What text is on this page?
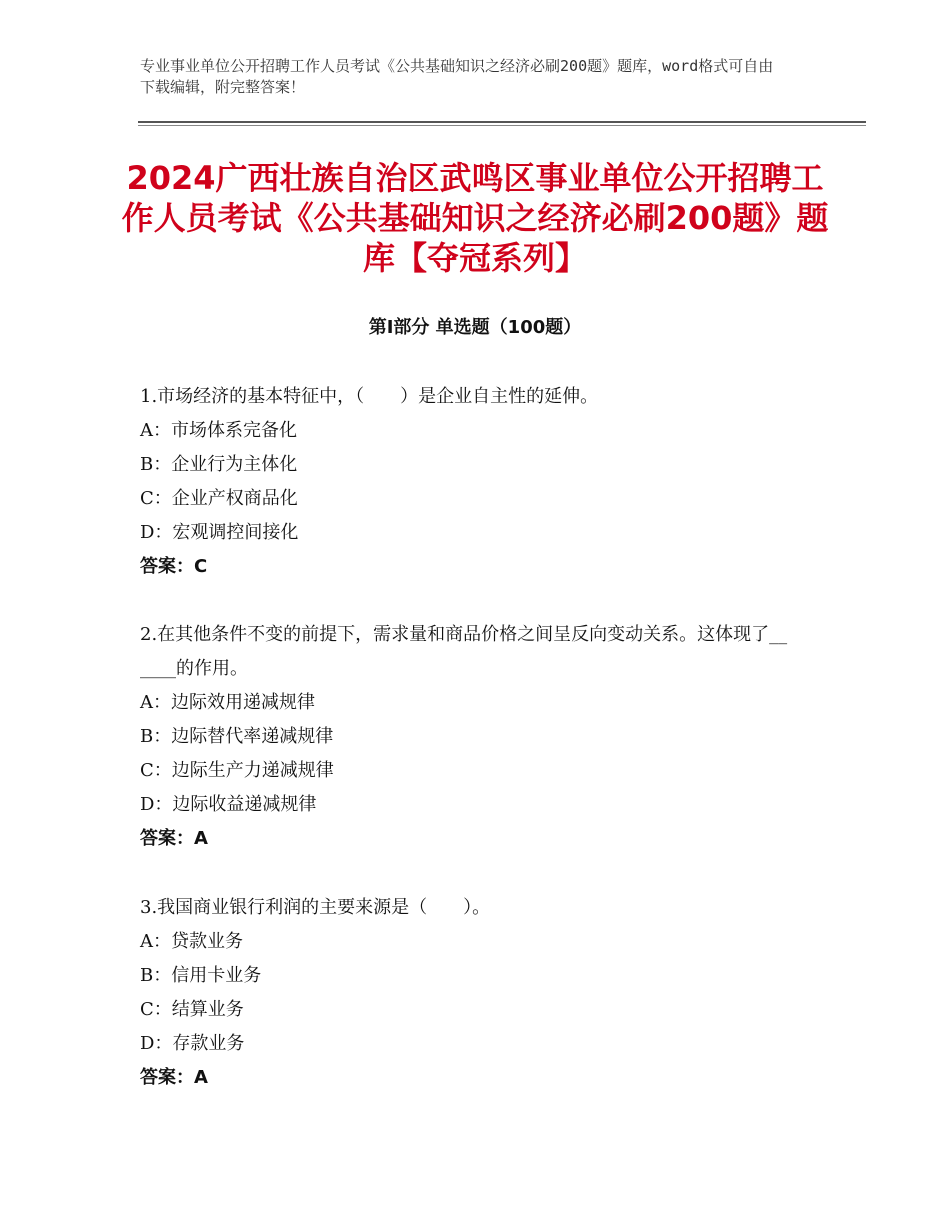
专业事业单位公开招聘工作人员考试《公共基础知识之经济必刷200题》题库，word格式可自由下载编辑，附完整答案！
2024广西壮族自治区武鸣区事业单位公开招聘工作人员考试《公共基础知识之经济必刷200题》题库【夺冠系列】
第Ⅰ部分 单选题（100题）

1.市场经济的基本特征中，（　　）是企业自主性的延伸。

A：市场体系完备化

B：企业行为主体化

C：企业产权商品化

D：宏观调控间接化

答案：C

2.在其他条件不变的前提下，需求量和商品价格之间呈反向变动关系。这体现了______的作用。

A：边际效用递减规律

B：边际替代率递减规律

C：边际生产力递减规律

D：边际收益递减规律

答案：A

3.我国商业银行利润的主要来源是（　　）。

A：贷款业务

B：信用卡业务

C：结算业务

D：存款业务

答案：A
